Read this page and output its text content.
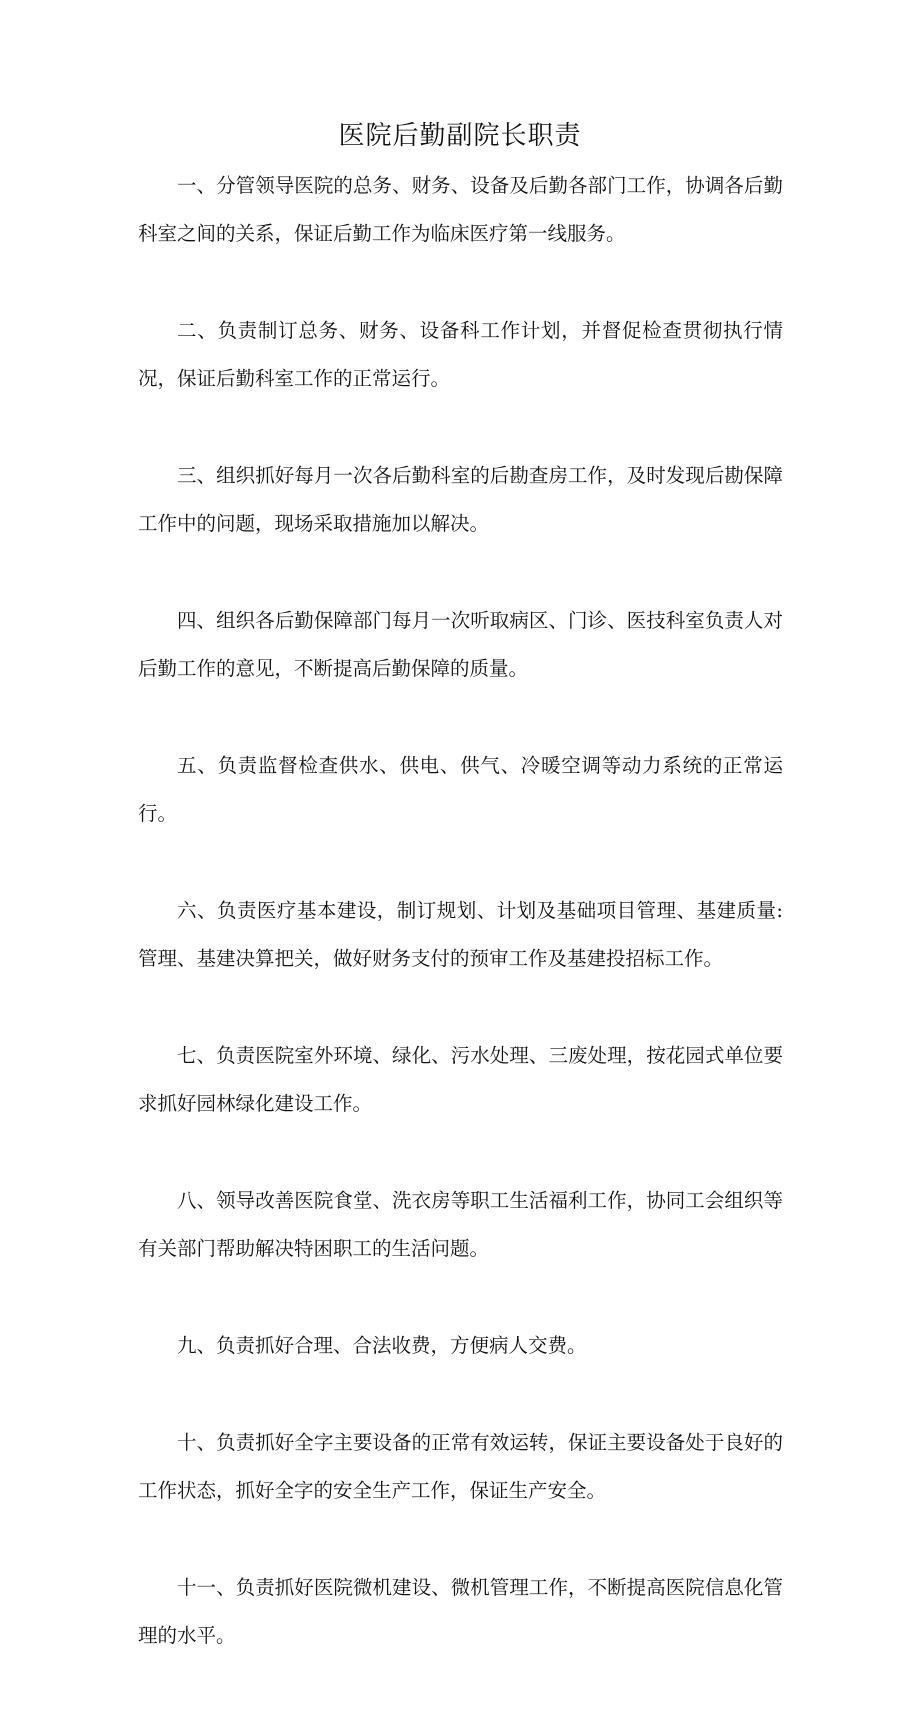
医院后勤副院长职责

一、分管领导医院的总务、财务、设备及后勤各部门工作，协调各后勤科室之间的关系，保证后勤工作为临床医疗第一线服务。

二、负责制订总务、财务、设备科工作计划，并督促检查贯彻执行情况，保证后勤科室工作的正常运行。

三、组织抓好每月一次各后勤科室的后勘查房工作，及时发现后勘保障工作中的问题，现场采取措施加以解决。

四、组织各后勤保障部门每月一次听取病区、门诊、医技科室负责人对后勤工作的意见，不断提高后勤保障的质量。

五、负责监督检查供水、供电、供气、冷暖空调等动力系统的正常运行。

六、负责医疗基本建设，制订规划、计划及基础项目管理、基建质量:管理、基建决算把关，做好财务支付的预审工作及基建投招标工作。

七、负责医院室外环境、绿化、污水处理、三废处理，按花园式单位要求抓好园林绿化建设工作。

八、领导改善医院食堂、洗衣房等职工生活福利工作，协同工会组织等有关部门帮助解决特困职工的生活问题。

九、负责抓好合理、合法收费，方便病人交费。

十、负责抓好全字主要设备的正常有效运转，保证主要设备处于良好的工作状态，抓好全字的安全生产工作，保证生产安全。

十一、负责抓好医院微机建设、微机管理工作，不断提高医院信息化管理的水平。
